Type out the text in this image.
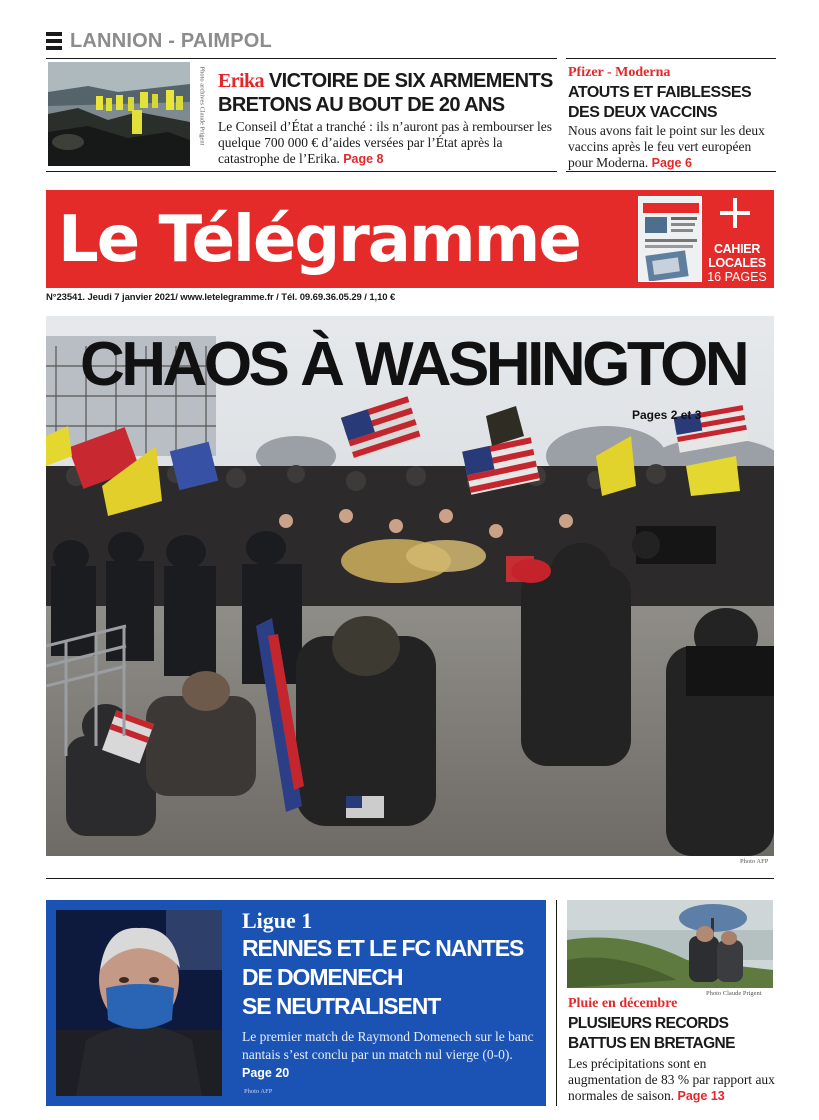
LANNION - PAIMPOL
Photo archives Claude Prigent Erika VICTOIRE DE SIX ARMEMENTS BRETONS AU BOUT DE 20 ANS
Le Conseil d’État a tranché : ils n’auront pas à rembourser les quelque 700 000 € d’aides versées par l’État après la catastrophe de l’Erika. Page 8
Pfizer - Moderna
ATOUTS ET FAIBLESSES DES DEUX VACCINS
Nous avons fait le point sur les deux vaccins après le feu vert européen pour Moderna. Page 6
Le Télégramme	CAHIER
LOCALES
16 PAGES
N°23541. Jeudi 7 janvier 2021/ www.letelegramme.fr / Tél. 09.69.36.05.29 / 1,10 €
CHAOS À WASHINGTON
Pages 2 et 3
Photo AFP
Ligue 1
RENNES ET LE FC NANTES
DE DOMENECH
SE NEUTRALISENT
Le premier match de Raymond Domenech sur le banc nantais s’est conclu par un match nul vierge (0-0). Page 20
Photo AFP
Photo Claude Prigent
Pluie en décembre
PLUSIEURS RECORDS BATTUS EN BRETAGNE
Les précipitations sont en augmentation de 83 % par rapport aux normales de saison. Page 13
